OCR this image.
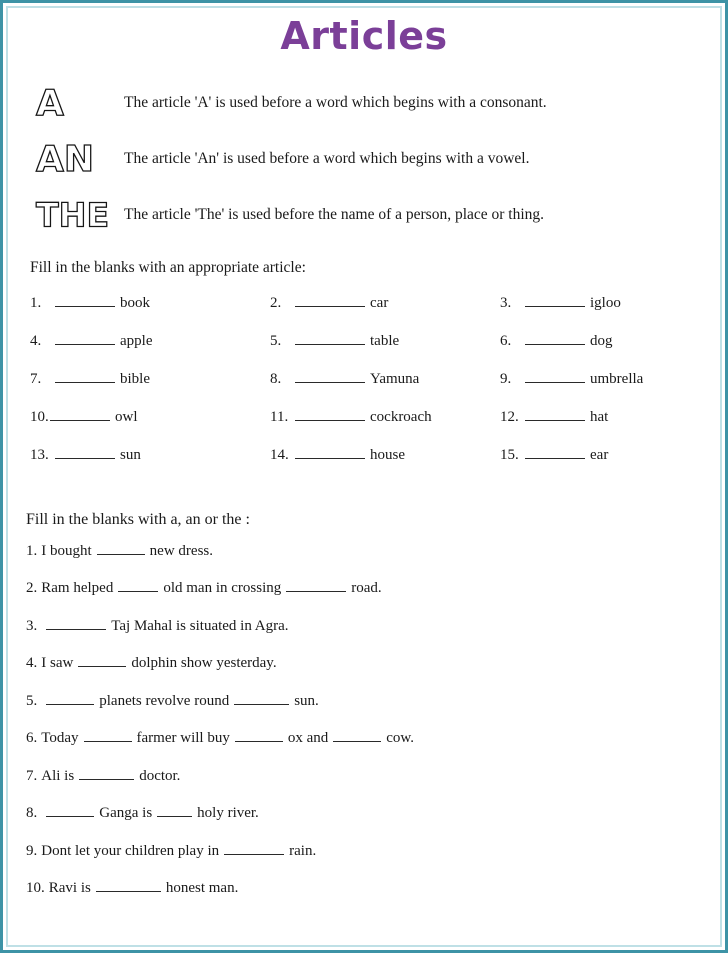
Articles
A	The article 'A' is used before a word which begins with a consonant.
AN The article 'An' is used before a word which begins with a vowel.
THE The article 'The' is used before the name of a person, place or thing.
Fill in the blanks with an appropriate article:
1.	book	2.	car	3.	igloo
4.	apple	5.	table	6.	dog
7.	bible	8.	Yamuna	9.	umbrella
10.	owl	11.	cockroach	12.	hat
13.	sun	14.	house	15.	ear
Fill in the blanks with a, an or the :
1. I bought	new dress.
2. Ram helped	old man in crossing	road.
3.	Taj Mahal is situated in Agra.
4. I saw	dolphin show yesterday.
5.	planets revolve round	sun.
6. Today	farmer will buy	ox and	cow.
7. Ali is	doctor.
8.	Ganga is	holy river.
9. Dont let your children play in	rain.
10. Ravi is	honest man.
